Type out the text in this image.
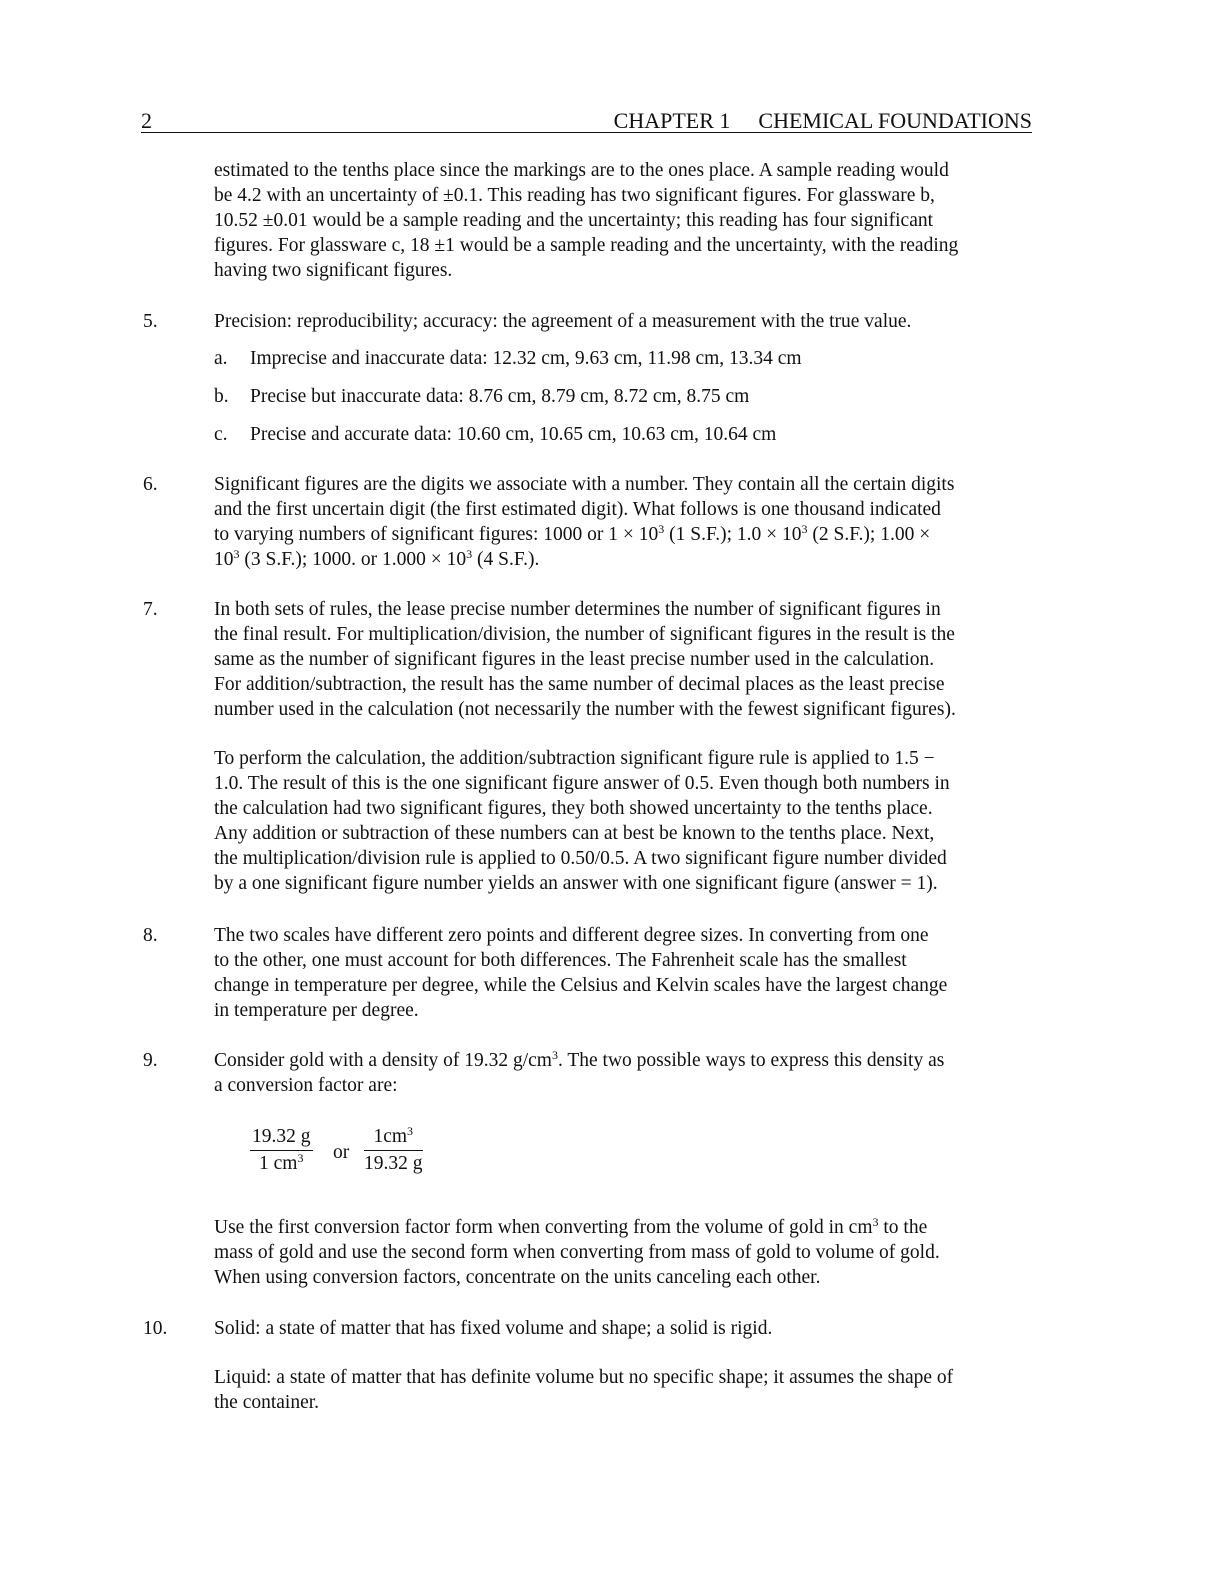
2	CHAPTER 1 CHEMICAL FOUNDATIONS
estimated to the tenths place since the markings are to the ones place. A sample reading would
be 4.2 with an uncertainty of ±0.1. This reading has two significant figures. For glassware b,
10.52 ±0.01 would be a sample reading and the uncertainty; this reading has four significant
figures. For glassware c, 18 ±1 would be a sample reading and the uncertainty, with the reading
having two significant figures.
5.	Precision: reproducibility; accuracy: the agreement of a measurement with the true value.
a. Imprecise and inaccurate data: 12.32 cm, 9.63 cm, 11.98 cm, 13.34 cm
b. Precise but inaccurate data: 8.76 cm, 8.79 cm, 8.72 cm, 8.75 cm
c. Precise and accurate data: 10.60 cm, 10.65 cm, 10.63 cm, 10.64 cm
6.	Significant figures are the digits we associate with a number. They contain all the certain digits
and the first uncertain digit (the first estimated digit). What follows is one thousand indicated
to varying numbers of significant figures: 1000 or $1 \times 10^3$ (1 S.F.); $1.0 \times 10^3$ (2 S.F.); 1.00 ×
$10^3$ (3 S.F.); 1000. or $1.000 \times 10^3$ (4 S.F.).
7.	In both sets of rules, the lease precise number determines the number of significant figures in
the final result. For multiplication/division, the number of significant figures in the result is the
same as the number of significant figures in the least precise number used in the calculation.
For addition/subtraction, the result has the same number of decimal places as the least precise
number used in the calculation (not necessarily the number with the fewest significant figures).
To perform the calculation, the addition/subtraction significant figure rule is applied to 1.5 −
1.0. The result of this is the one significant figure answer of 0.5. Even though both numbers in
the calculation had two significant figures, they both showed uncertainty to the tenths place.
Any addition or subtraction of these numbers can at best be known to the tenths place. Next,
the multiplication/division rule is applied to 0.50/0.5. A two significant figure number divided
by a one significant figure number yields an answer with one significant figure (answer = 1).
8.	The two scales have different zero points and different degree sizes. In converting from one
to the other, one must account for both differences. The Fahrenheit scale has the smallest
change in temperature per degree, while the Celsius and Kelvin scales have the largest change
in temperature per degree.
9.	Consider gold with a density of 19.32 $g/cm^3$. The two possible ways to express this density as
a conversion factor are:
19.32 g
1 $cm^3$	or
$1cm^3$
19.32 g
Use the first conversion factor form when converting from the volume of gold in $cm^3$ to the
mass of gold and use the second form when converting from mass of gold to volume of gold.
When using conversion factors, concentrate on the units canceling each other.
10. Solid: a state of matter that has fixed volume and shape; a solid is rigid.
Liquid: a state of matter that has definite volume but no specific shape; it assumes the shape of
the container.
